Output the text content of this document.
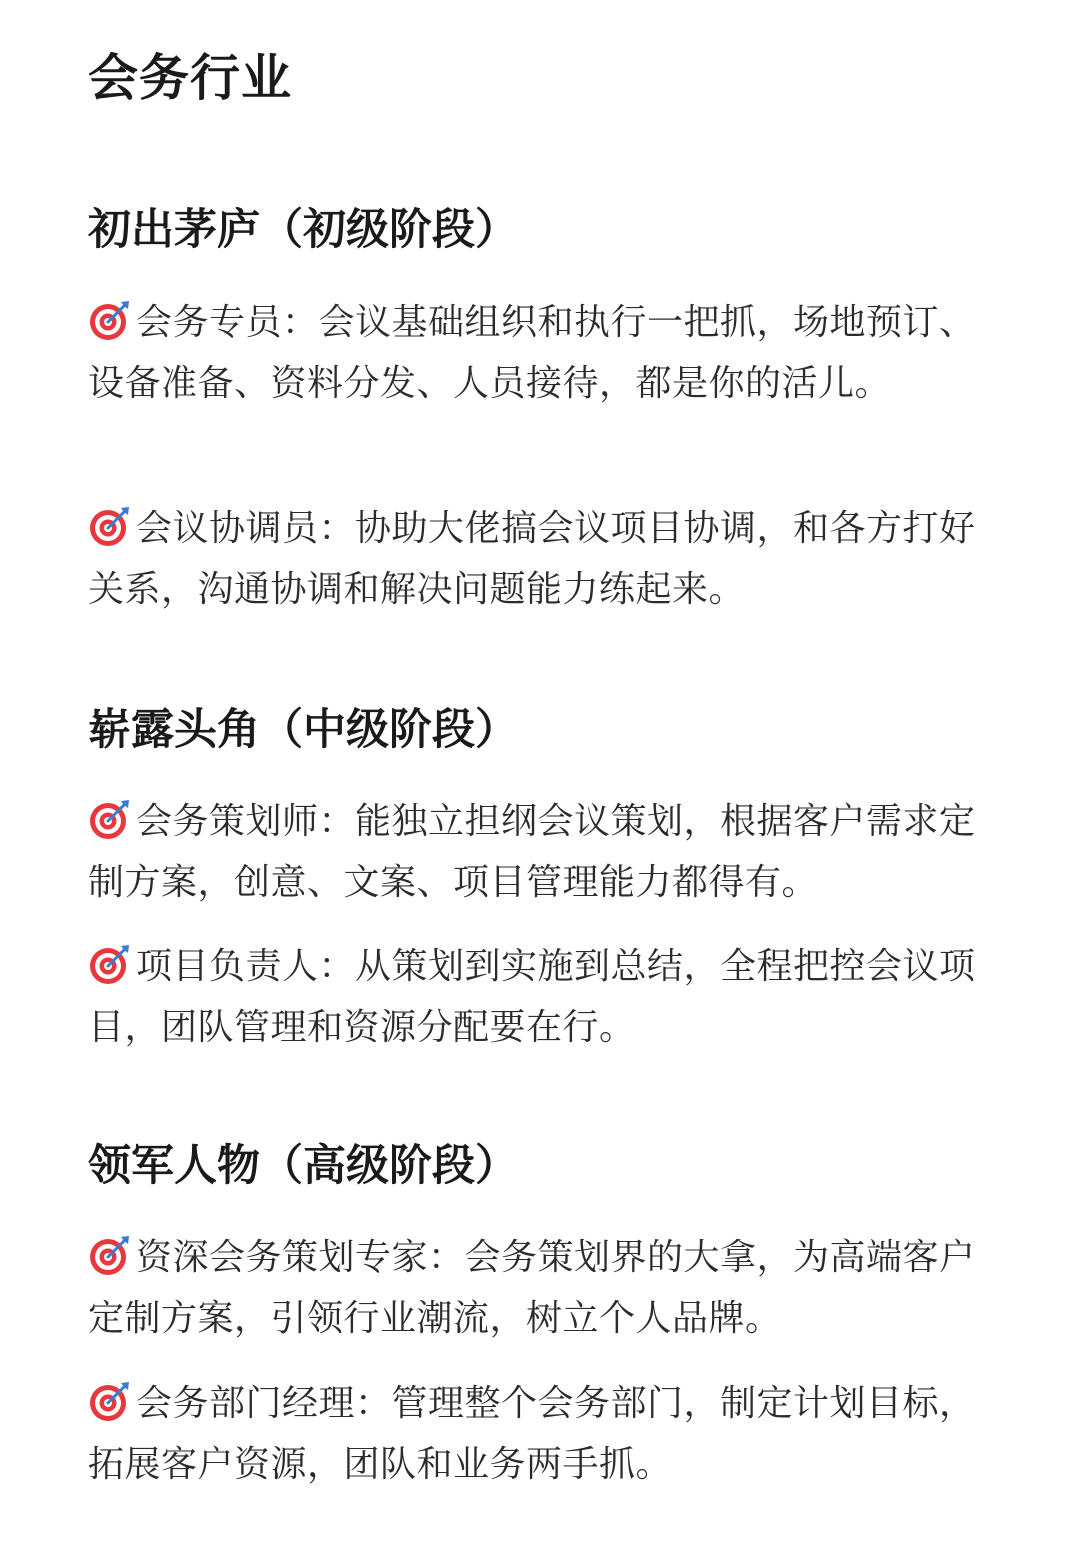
会务行业
初出茅庐（初级阶段）

会务专员：会议基础组织和执行一把抓，场地预订、设备准备、资料分发、人员接待，都是你的活儿。

会议协调员：协助大佬搞会议项目协调，和各方打好关系，沟通协调和解决问题能力练起来。

崭露头角（中级阶段）

会务策划师：能独立担纲会议策划，根据客户需求定制方案，创意、文案、项目管理能力都得有。

项目负责人：从策划到实施到总结，全程把控会议项目，团队管理和资源分配要在行。

领军人物（高级阶段）

资深会务策划专家：会务策划界的大拿，为高端客户定制方案，引领行业潮流，树立个人品牌。

会务部门经理：管理整个会务部门，制定计划目标，拓展客户资源，团队和业务两手抓。
